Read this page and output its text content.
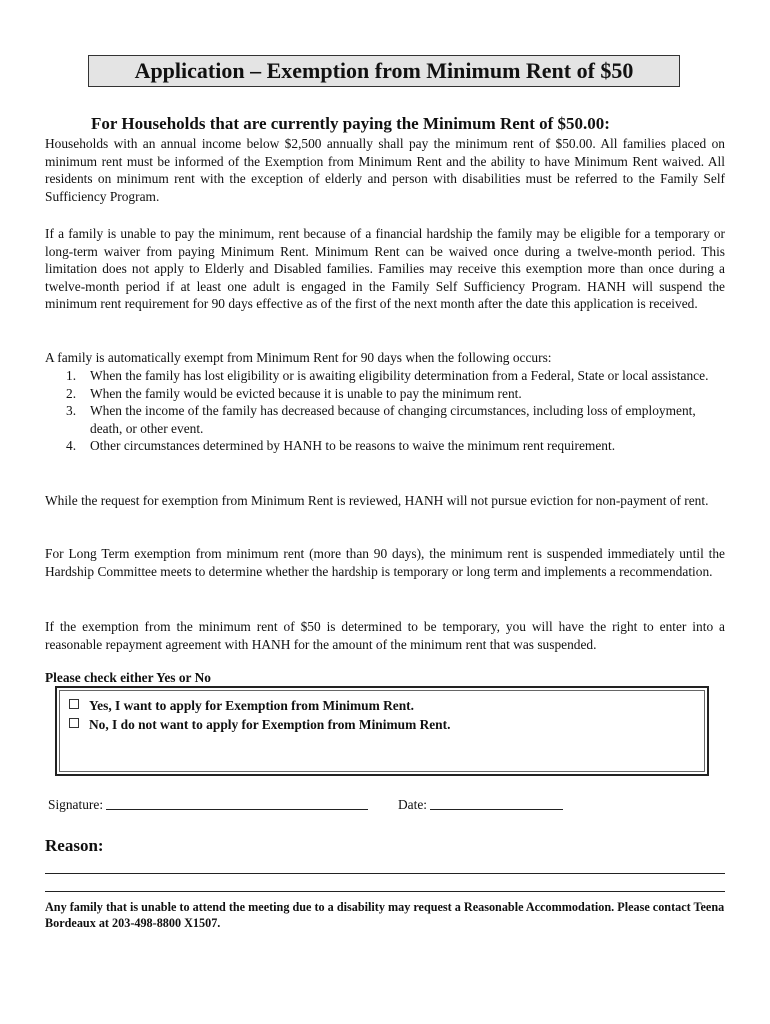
Application – Exemption from Minimum Rent of $50
For Households that are currently paying the Minimum Rent of $50.00:

Households with an annual income below $2,500 annually shall pay the minimum rent of $50.00. All families placed on minimum rent must be informed of the Exemption from Minimum Rent and the ability to have Minimum Rent waived. All residents on minimum rent with the exception of elderly and person with disabilities must be referred to the Family Self Sufficiency Program.

If a family is unable to pay the minimum, rent because of a financial hardship the family may be eligible for a temporary or long-term waiver from paying Minimum Rent. Minimum Rent can be waived once during a twelve-month period. This limitation does not apply to Elderly and Disabled families. Families may receive this exemption more than once during a twelve-month period if at least one adult is engaged in the Family Self Sufficiency Program. HANH will suspend the minimum rent requirement for 90 days effective as of the first of the next month after the date this application is received.

A family is automatically exempt from Minimum Rent for 90 days when the following occurs:

1. When the family has lost eligibility or is awaiting eligibility determination from a Federal, State or local assistance.
2. When the family would be evicted because it is unable to pay the minimum rent.
3. When the income of the family has decreased because of changing circumstances, including loss of employment, death, or other event.
4. Other circumstances determined by HANH to be reasons to waive the minimum rent requirement.

While the request for exemption from Minimum Rent is reviewed, HANH will not pursue eviction for non-payment of rent.

For Long Term exemption from minimum rent (more than 90 days), the minimum rent is suspended immediately until the Hardship Committee meets to determine whether the hardship is temporary or long term and implements a recommendation.

If the exemption from the minimum rent of $50 is determined to be temporary, you will have the right to enter into a reasonable repayment agreement with HANH for the amount of the minimum rent that was suspended.

Please check either Yes or No
Yes, I want to apply for Exemption from Minimum Rent.
No, I do not want to apply for Exemption from Minimum Rent.
Signature:	Date:
Reason:

Any family that is unable to attend the meeting due to a disability may request a Reasonable Accommodation. Please contact Teena Bordeaux at 203-498-8800 X1507.
